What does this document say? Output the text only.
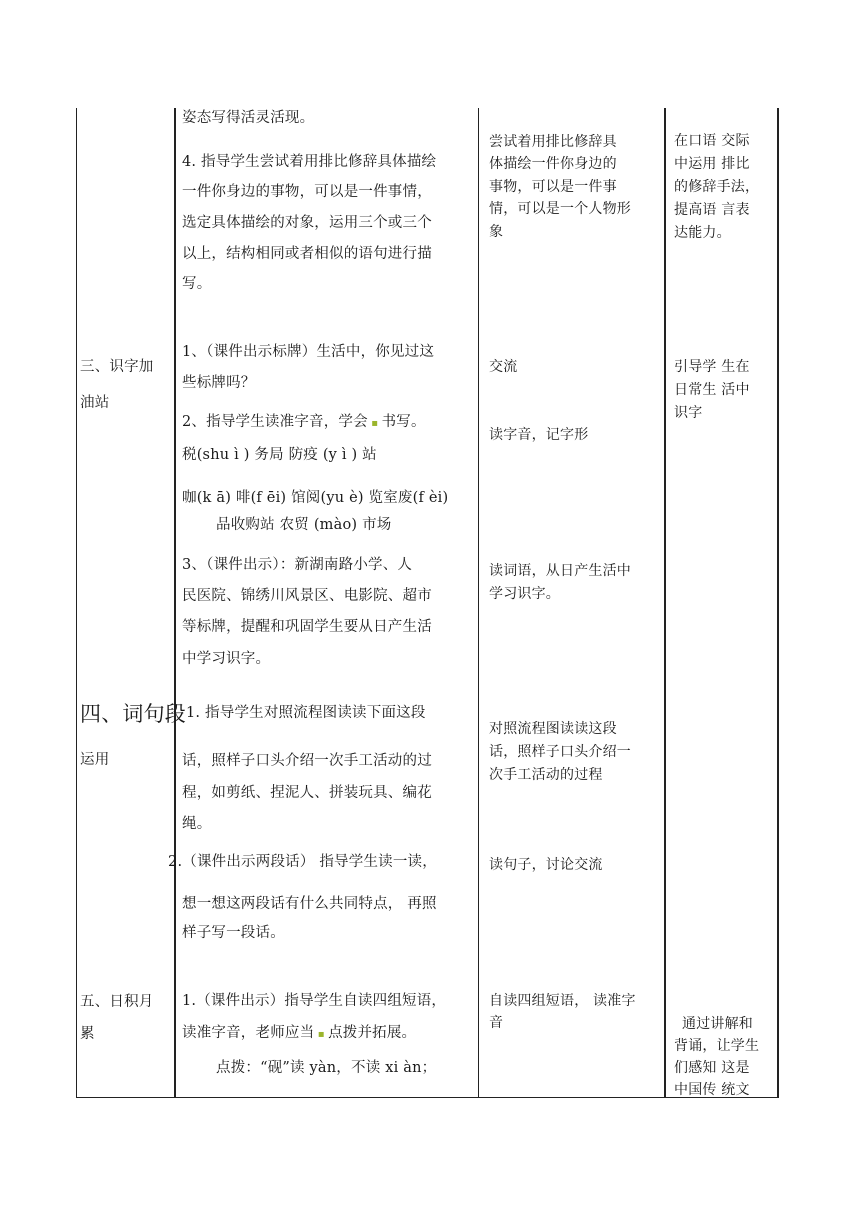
三、识字加
油站
四、词句段
运用
五、日积月
累
姿态写得活灵活现。
4. 指导学生尝试着用排比修辞具体描绘
一件你身边的事物，可以是一件事情，
选定具体描绘的对象，运用三个或三个
以上，结构相同或者相似的语句进行描
写。
1、（课件出示标牌）生活中，你见过这
些标牌吗？
2、指导学生读准字音，学会 ▪ 书写。
税(shu ì ) 务局 防疫 (y ì ) 站
咖(k ā) 啡(f ēi) 馆阅(yu è) 览室废(f èi)
品收购站 农贸 (mào) 市场
3、（课件出示）：新湖南路小学、人
民医院、锦绣川风景区、电影院、超市
等标牌，提醒和巩固学生要从日产生活
中学习识字。
1. 指导学生对照流程图读读下面这段
话，照样子口头介绍一次手工活动的过
程，如剪纸、捏泥人、拼装玩具、编花
绳。
2.（课件出示两段话） 指导学生读一读，
想一想这两段话有什么共同特点， 再照
样子写一段话。
1.（课件出示）指导学生自读四组短语，
读准字音，老师应当 ▪ 点拨并拓展。
点拨：“砚”读 yàn，不读 xi àn；
尝试着用排比修辞具
体描绘一件你身边的
事物，可以是一件事
情，可以是一个人物形
象
交流
读字音，记字形
读词语，从日产生活中
学习识字。
对照流程图读读这段
话，照样子口头介绍一
次手工活动的过程
读句子，讨论交流
自读四组短语， 读准字
音
在口语 交际
中运用 排比
的修辞手法，
提高语 言表
达能力。
引导学 生在
日常生 活中
识字
通过讲解和
背诵，让学生
们感知 这是
中国传 统文
